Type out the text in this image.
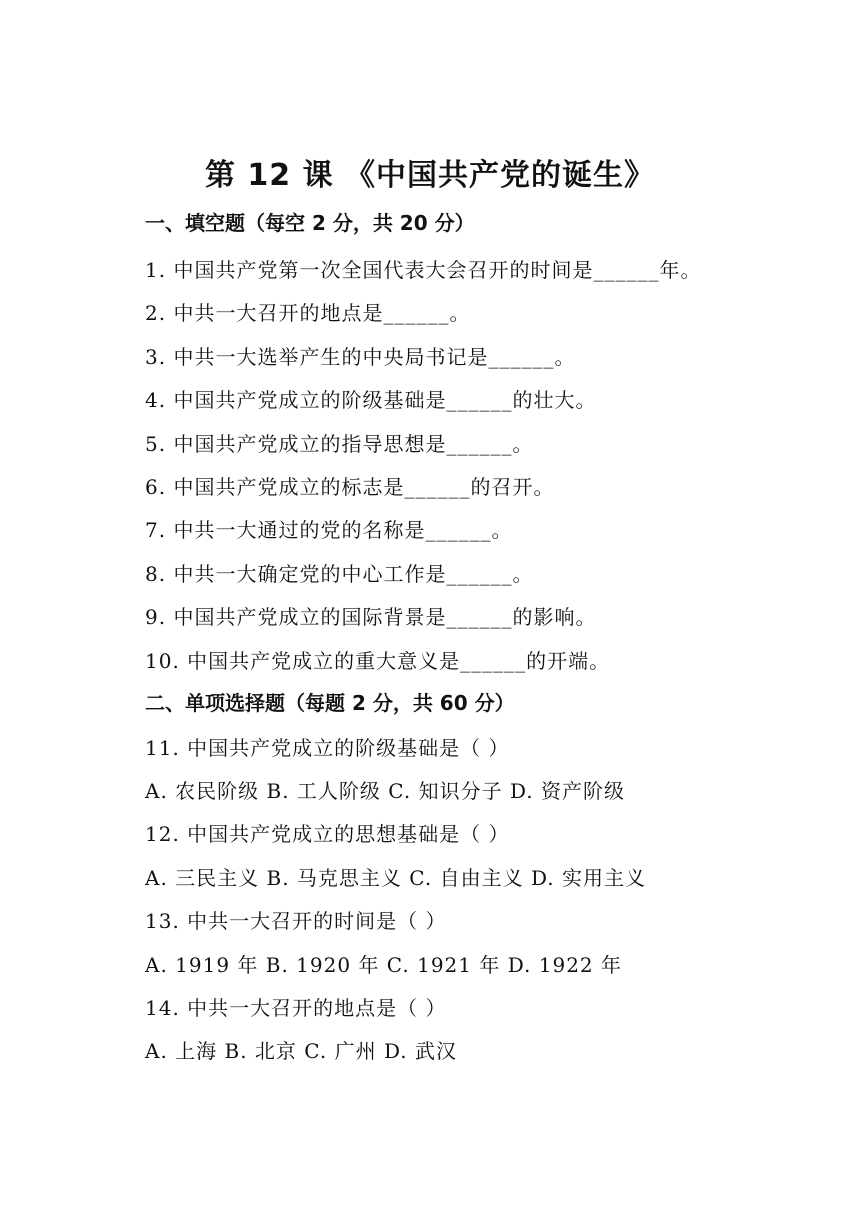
第 12 课 《中国共产党的诞生》
一、填空题（每空 2 分，共 20 分）
1. 中国共产党第一次全国代表大会召开的时间是______年。
2. 中共一大召开的地点是______。
3. 中共一大选举产生的中央局书记是______。
4. 中国共产党成立的阶级基础是______的壮大。
5. 中国共产党成立的指导思想是______。
6. 中国共产党成立的标志是______的召开。
7. 中共一大通过的党的名称是______。
8. 中共一大确定党的中心工作是______。
9. 中国共产党成立的国际背景是______的影响。
10. 中国共产党成立的重大意义是______的开端。
二、单项选择题（每题 2 分，共 60 分）
11. 中国共产党成立的阶级基础是（ ）
A. 农民阶级 B. 工人阶级 C. 知识分子 D. 资产阶级
12. 中国共产党成立的思想基础是（ ）
A. 三民主义 B. 马克思主义 C. 自由主义 D. 实用主义
13. 中共一大召开的时间是（ ）
A. 1919 年 B. 1920 年 C. 1921 年 D. 1922 年
14. 中共一大召开的地点是（ ）
A. 上海 B. 北京 C. 广州 D. 武汉
